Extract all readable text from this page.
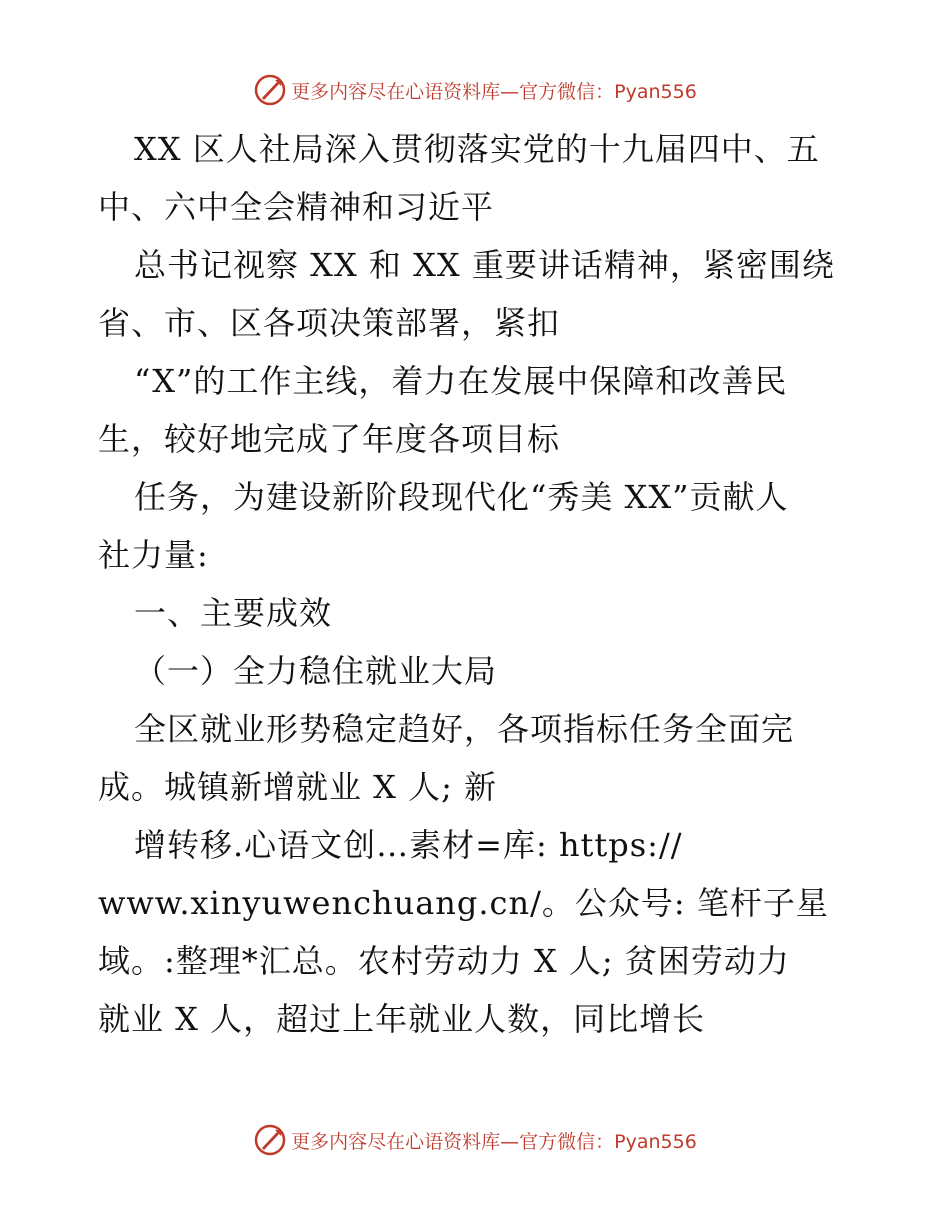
更多内容尽在心语资料库—官方微信：Pyan556
XX 区人社局深入贯彻落实党的十九届四中、五
中、六中全会精神和习近平
总书记视察 XX 和 XX 重要讲话精神，紧密围绕
省、市、区各项决策部署，紧扣
“X”的工作主线，着力在发展中保障和改善民
生，较好地完成了年度各项目标
任务，为建设新阶段现代化“秀美 XX”贡献人
社力量:
一、主要成效
（一）全力稳住就业大局
全区就业形势稳定趋好，各项指标任务全面完
成。城镇新增就业 X 人; 新
增转移.心语文创…素材=库: https://
www.xinyuwenchuang.cn/。公众号: 笔杆子星
域。:整理*汇总。农村劳动力 X 人; 贫困劳动力
就业 X 人，超过上年就业人数，同比增长
更多内容尽在心语资料库—官方微信：Pyan556
